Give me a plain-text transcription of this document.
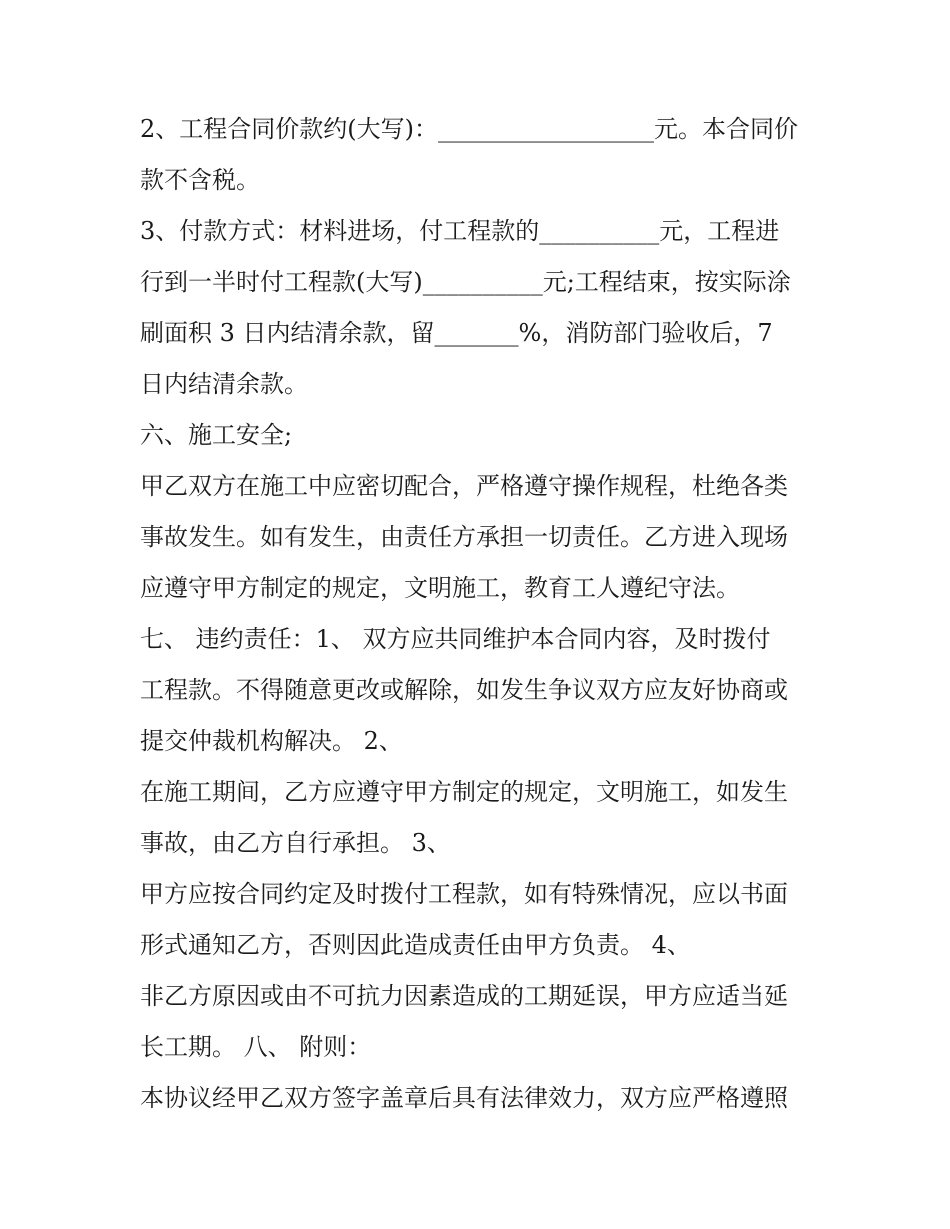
2、工程合同价款约(大写)：__________________元。本合同价
款不含税。
3、付款方式：材料进场，付工程款的__________元，工程进
行到一半时付工程款(大写)__________元;工程结束，按实际涂
刷面积 3 日内结清余款，留_______%，消防部门验收后，7
日内结清余款。
六、施工安全;
甲乙双方在施工中应密切配合，严格遵守操作规程，杜绝各类
事故发生。如有发生，由责任方承担一切责任。乙方进入现场
应遵守甲方制定的规定，文明施工，教育工人遵纪守法。
七、 违约责任：1、 双方应共同维护本合同内容，及时拨付
工程款。不得随意更改或解除，如发生争议双方应友好协商或
提交仲裁机构解决。 2、
在施工期间，乙方应遵守甲方制定的规定，文明施工，如发生
事故，由乙方自行承担。 3、
甲方应按合同约定及时拨付工程款，如有特殊情况，应以书面
形式通知乙方，否则因此造成责任由甲方负责。 4、
非乙方原因或由不可抗力因素造成的工期延误，甲方应适当延
长工期。 八、 附则：
本协议经甲乙双方签字盖章后具有法律效力，双方应严格遵照
